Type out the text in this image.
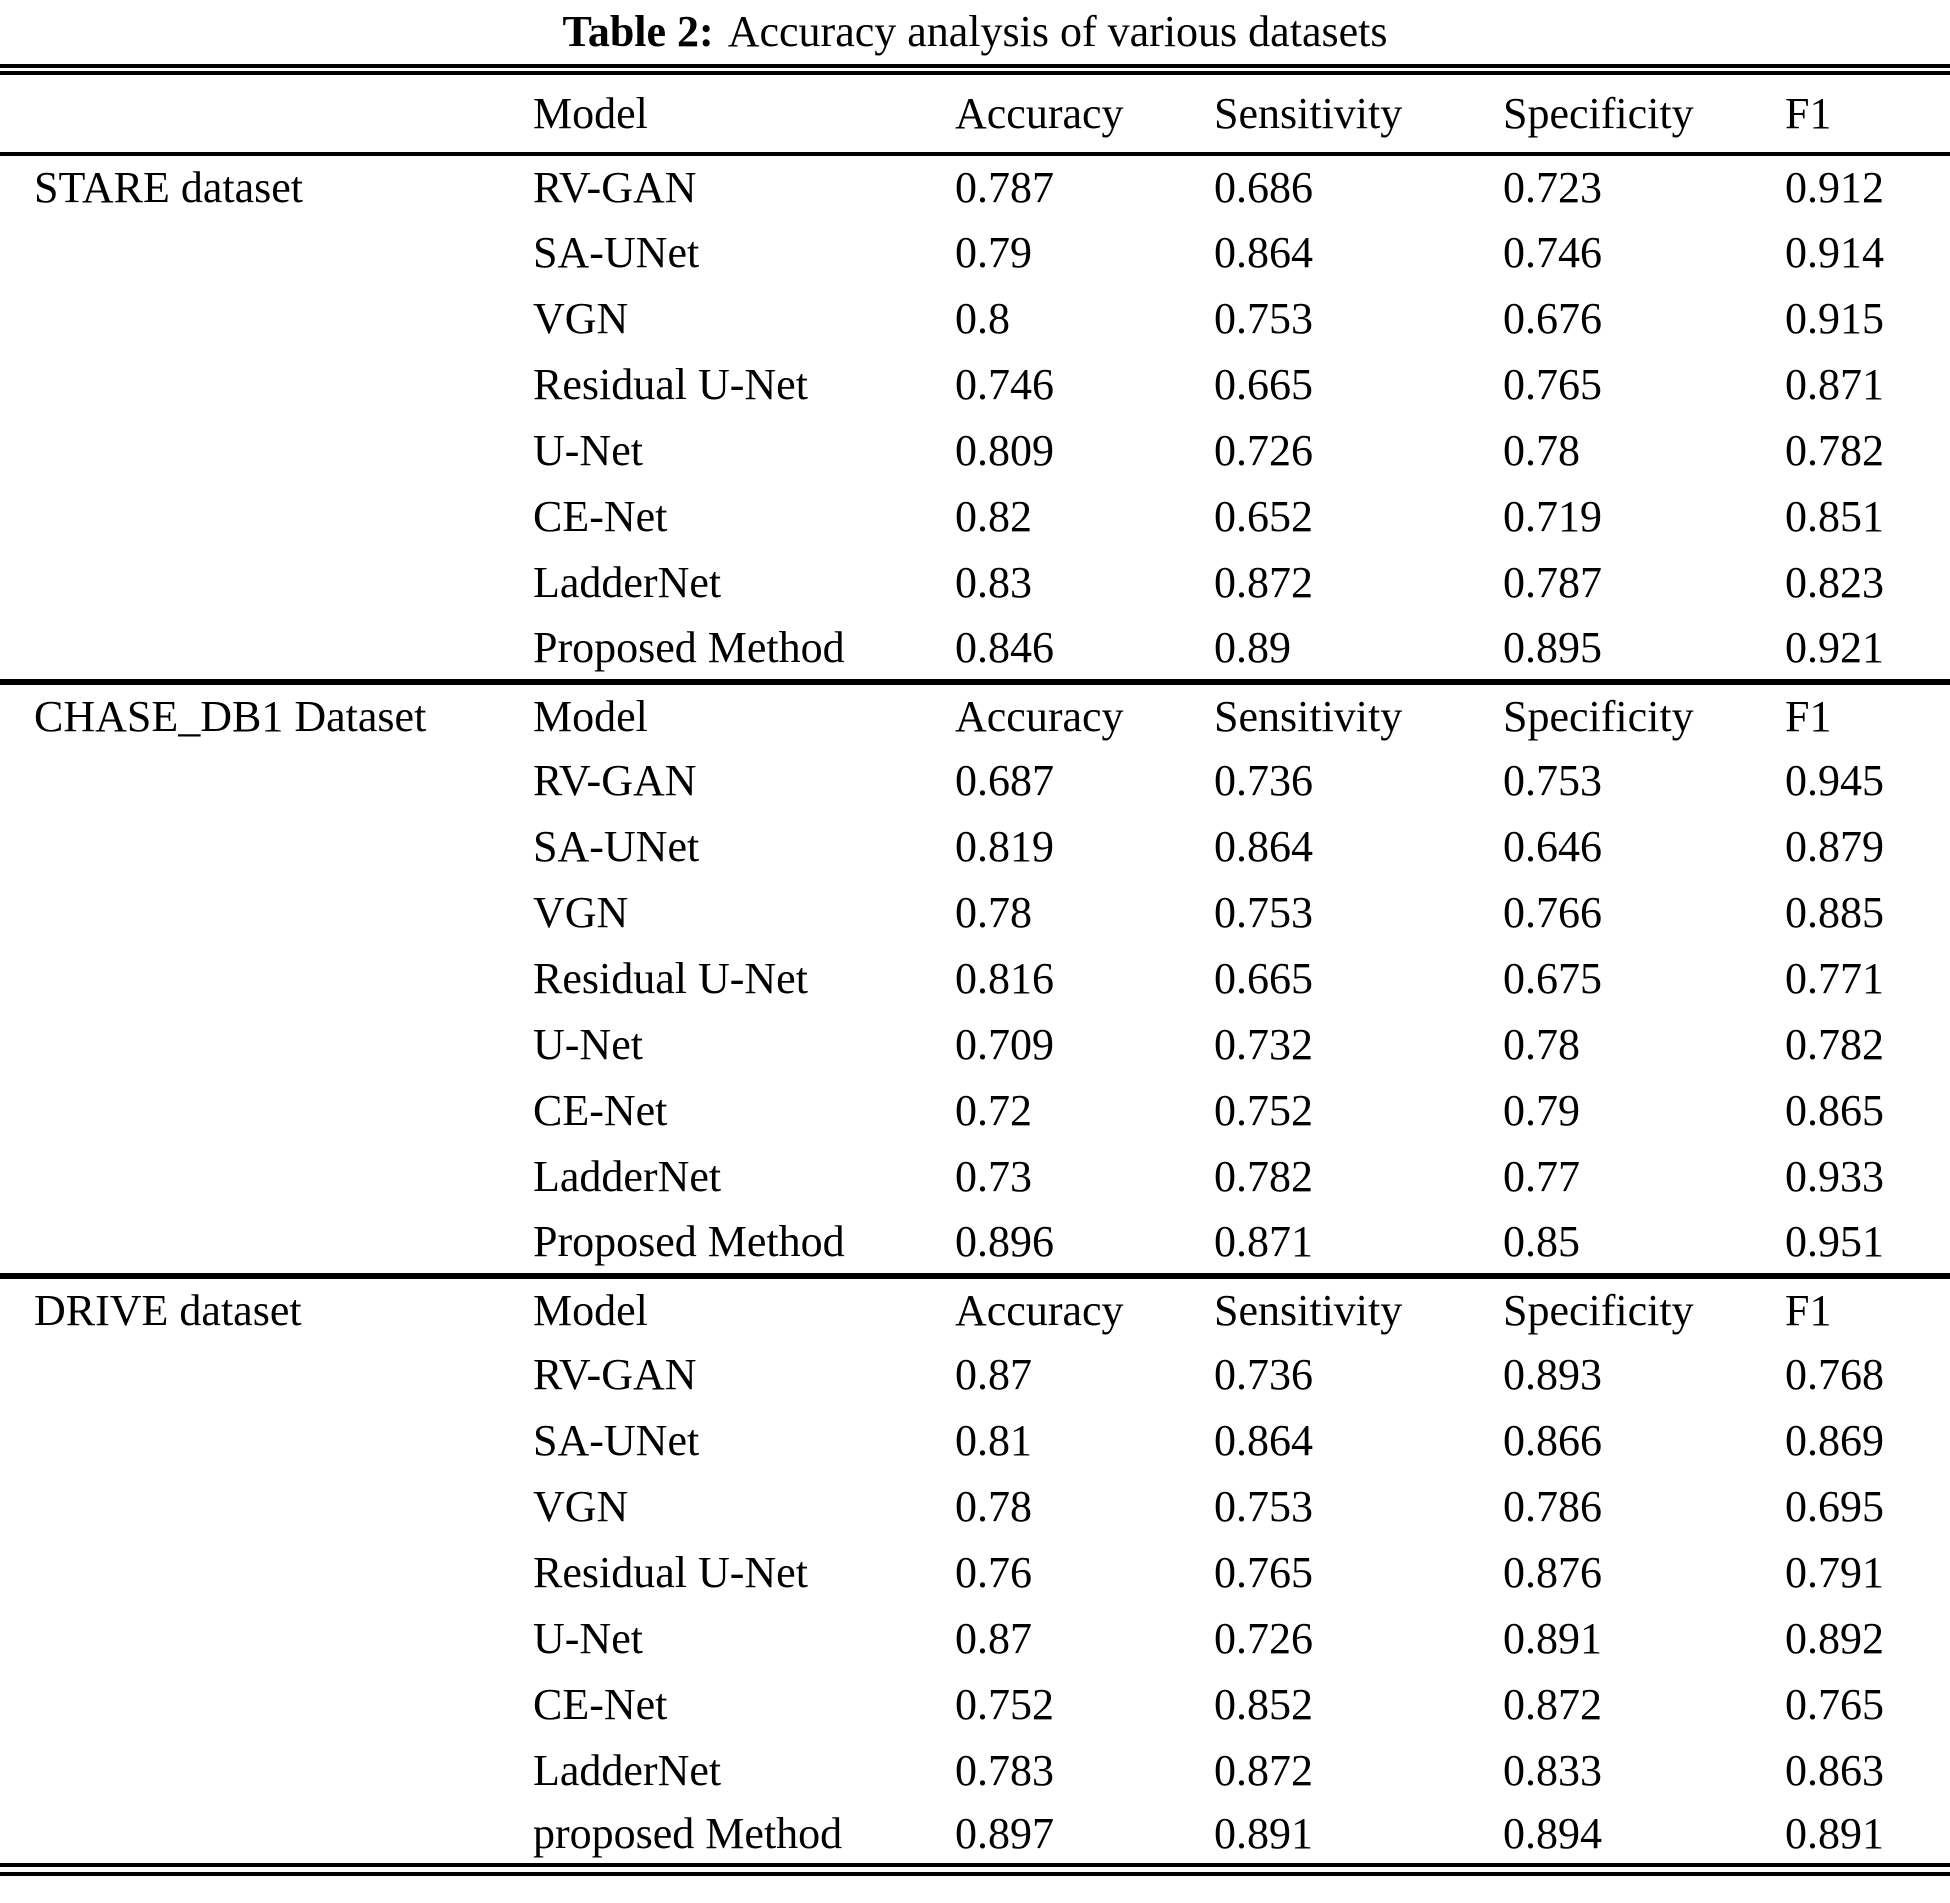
Table 2: Accuracy analysis of various datasets
	Model	Accuracy	Sensitivity	Specificity	F1
STARE dataset	RV-GAN	0.787	0.686	0.723	0.912
	SA-UNet	0.79	0.864	0.746	0.914
	VGN	0.8	0.753	0.676	0.915
	Residual U-Net	0.746	0.665	0.765	0.871
	U-Net	0.809	0.726	0.78	0.782
	CE-Net	0.82	0.652	0.719	0.851
	LadderNet	0.83	0.872	0.787	0.823
	Proposed Method	0.846	0.89	0.895	0.921
CHASE_DB1 Dataset	Model	Accuracy	Sensitivity	Specificity	F1
	RV-GAN	0.687	0.736	0.753	0.945
	SA-UNet	0.819	0.864	0.646	0.879
	VGN	0.78	0.753	0.766	0.885
	Residual U-Net	0.816	0.665	0.675	0.771
	U-Net	0.709	0.732	0.78	0.782
	CE-Net	0.72	0.752	0.79	0.865
	LadderNet	0.73	0.782	0.77	0.933
	Proposed Method	0.896	0.871	0.85	0.951
DRIVE dataset	Model	Accuracy	Sensitivity	Specificity	F1
	RV-GAN	0.87	0.736	0.893	0.768
	SA-UNet	0.81	0.864	0.866	0.869
	VGN	0.78	0.753	0.786	0.695
	Residual U-Net	0.76	0.765	0.876	0.791
	U-Net	0.87	0.726	0.891	0.892
	CE-Net	0.752	0.852	0.872	0.765
	LadderNet	0.783	0.872	0.833	0.863
	proposed Method	0.897	0.891	0.894	0.891
